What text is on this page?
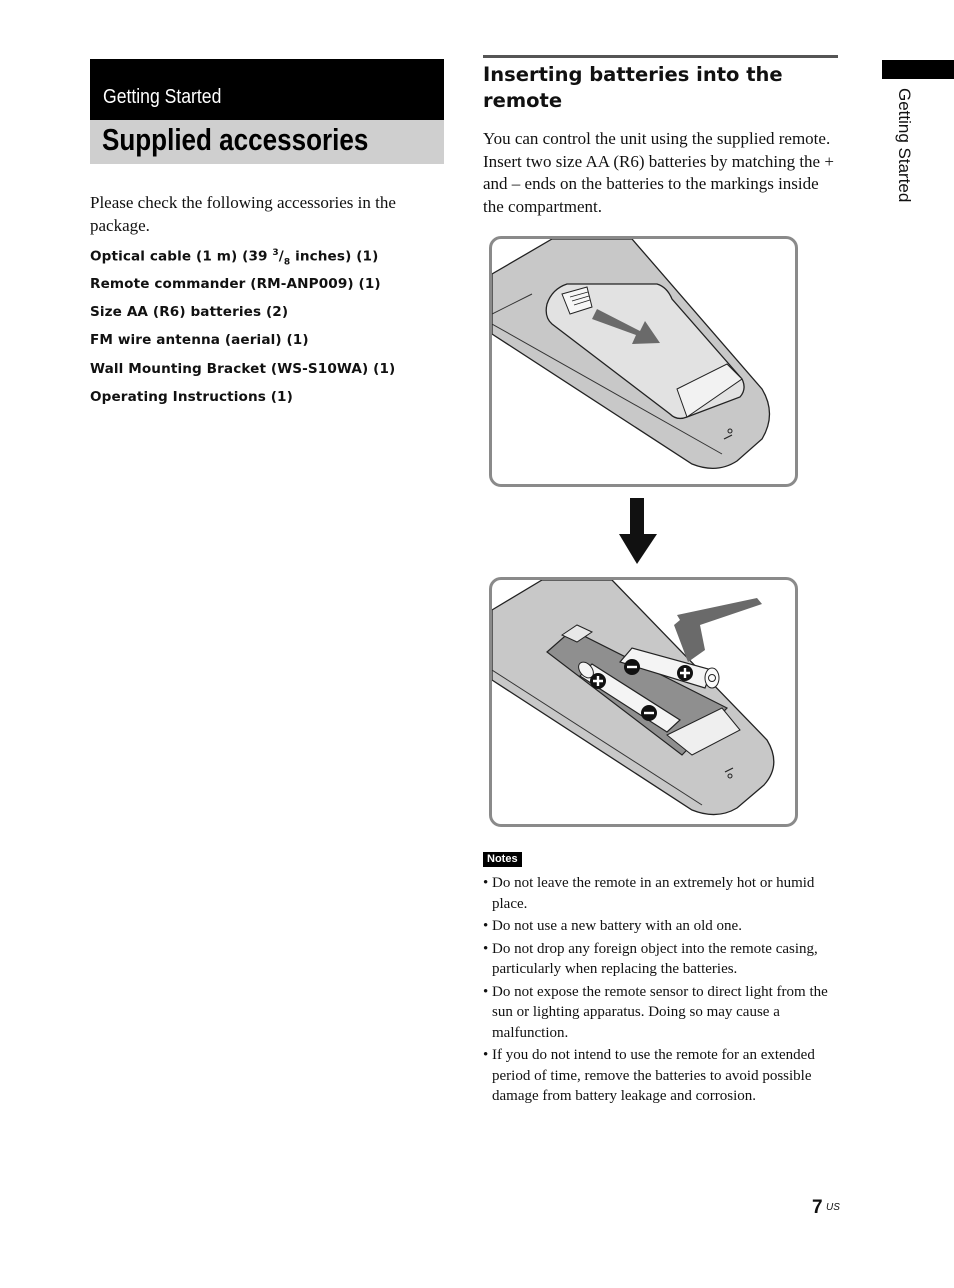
Getting Started
Supplied accessories
Please check the following accessories in the package.
Optical cable (1 m) (39 $^3/_8$ inches) (1)
Remote commander (RM-ANP009) (1)
Size AA (R6) batteries (2)
FM wire antenna (aerial) (1)
Wall Mounting Bracket (WS-S10WA) (1)
Operating Instructions (1)
Inserting batteries into the remote
You can control the unit using the supplied remote. Insert two size AA (R6) batteries by matching the + and – ends on the batteries to the markings inside the compartment.
Notes
• Do not leave the remote in an extremely hot or humid place.
• Do not use a new battery with an old one.
• Do not drop any foreign object into the remote casing, particularly when replacing the batteries.
• Do not expose the remote sensor to direct light from the sun or lighting apparatus. Doing so may cause a malfunction.
• If you do not intend to use the remote for an extended period of time, remove the batteries to avoid possible damage from battery leakage and corrosion.
Getting Started
7 US
